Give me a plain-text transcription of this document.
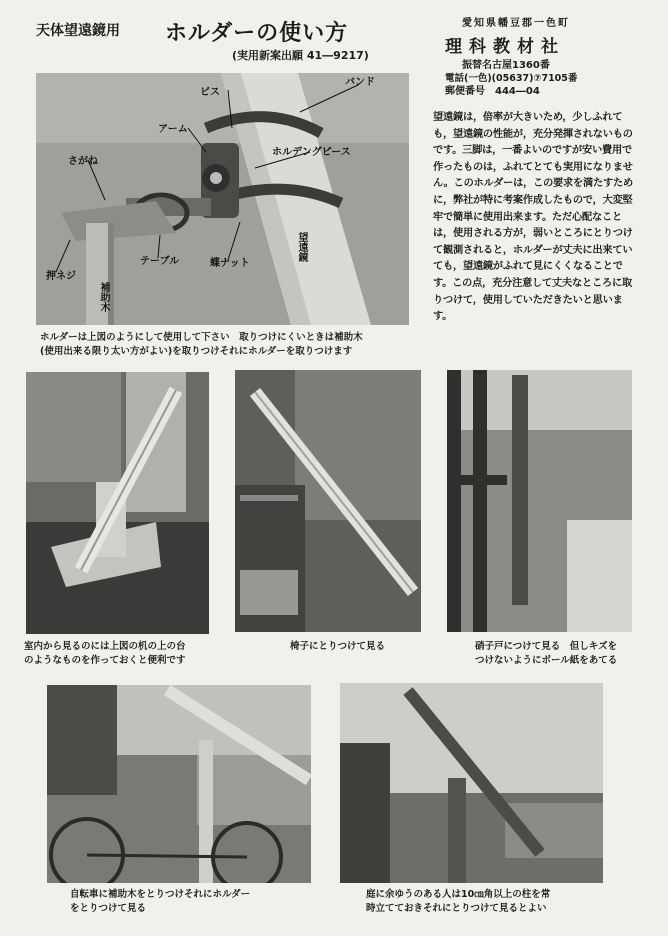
天体望遠鏡用 ホルダーの使い方
(実用新案出願 41―9217)
愛知県幡豆郡一色町
理科教材社
振替名古屋1360番
電話(一色)(05637)⑦7105番
郵便番号　444―04
ビス
バンド
アーム
ホルデングピース
さがね
テーブル	蝶ナット
押ネジ
望遠鏡
補助木
望遠鏡は，倍率が大きいため，少しふれても，望遠鏡の性能が，充分発揮されないものです。三脚は，一番よいのですが安い費用で作ったものは，ふれてとても実用になりません。このホルダーは，この要求を満たすために，弊社が特に考案作成したもので，大変堅牢で簡単に使用出来ます。ただ心配なことは，使用される方が，弱いところにとりつけて観測されると，ホルダーが丈夫に出来ていても，望遠鏡がふれて見にくくなることです。この点，充分注意して丈夫なところに取りつけて，使用していただきたいと思います。
ホルダーは上図のようにして使用して下さい　取りつけにくいときは補助木
(使用出来る限り太い方がよい)を取りつけそれにホルダーを取りつけます
室内から見るのには上図の机の上の台
のようなものを作っておくと便利です
椅子にとりつけて見る	硝子戸につけて見る　但しキズを
つけないようにボール紙をあてる
自転車に補助木をとりつけそれにホルダー
をとりつけて見る
庭に余ゆうのある人は10㎝角以上の柱を常
時立てておきそれにとりつけて見るとよい
